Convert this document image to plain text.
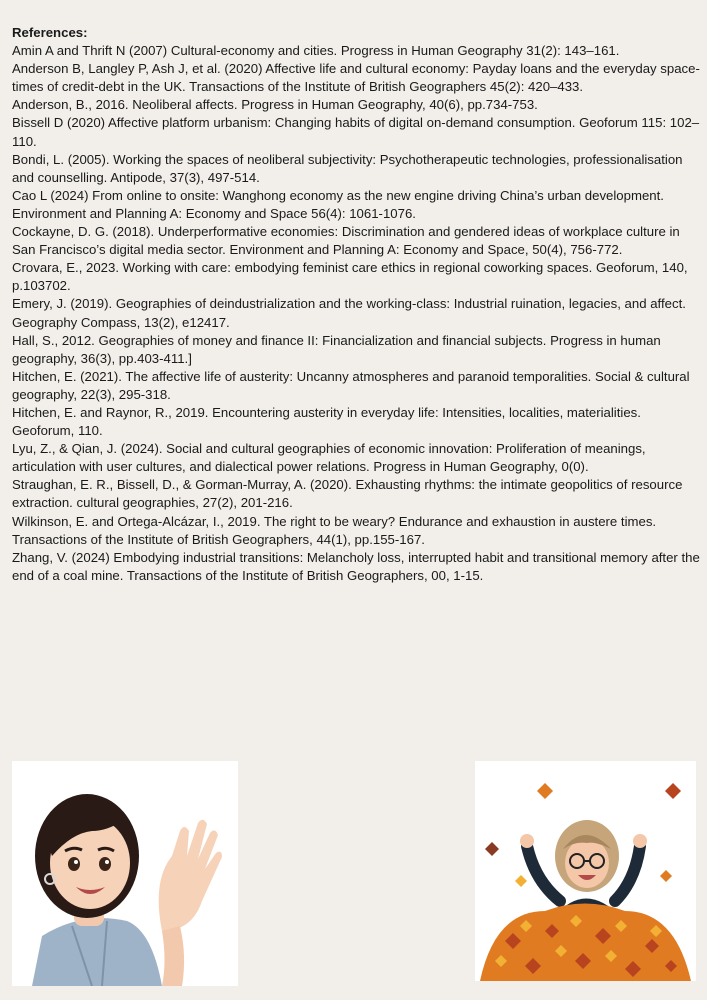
References:

Amin A and Thrift N (2007) Cultural-economy and cities. Progress in Human Geography 31(2): 143–161.

Anderson B, Langley P, Ash J, et al. (2020) Affective life and cultural economy: Payday loans and the everyday space-times of credit-debt in the UK. Transactions of the Institute of British Geographers 45(2): 420–433.

Anderson, B., 2016. Neoliberal affects. Progress in Human Geography, 40(6), pp.734-753.

Bissell D (2020) Affective platform urbanism: Changing habits of digital on-demand consumption. Geoforum 115: 102–110.

Bondi, L. (2005). Working the spaces of neoliberal subjectivity: Psychotherapeutic technologies, professionalisation and counselling. Antipode, 37(3), 497-514.

Cao L (2024) From online to onsite: Wanghong economy as the new engine driving China’s urban development. Environment and Planning A: Economy and Space 56(4): 1061-1076.

Cockayne, D. G. (2018). Underperformative economies: Discrimination and gendered ideas of workplace culture in San Francisco’s digital media sector. Environment and Planning A: Economy and Space, 50(4), 756-772.

Crovara, E., 2023. Working with care: embodying feminist care ethics in regional coworking spaces. Geoforum, 140, p.103702.

Emery, J. (2019). Geographies of deindustrialization and the working-class: Industrial ruination, legacies, and affect. Geography Compass, 13(2), e12417.

Hall, S., 2012. Geographies of money and finance II: Financialization and financial subjects. Progress in human geography, 36(3), pp.403-411.]

Hitchen, E. (2021). The affective life of austerity: Uncanny atmospheres and paranoid temporalities. Social & cultural geography, 22(3), 295-318.

Hitchen, E. and Raynor, R., 2019. Encountering austerity in everyday life: Intensities, localities, materialities. Geoforum, 110.

Lyu, Z., & Qian, J. (2024). Social and cultural geographies of economic innovation: Proliferation of meanings, articulation with user cultures, and dialectical power relations. Progress in Human Geography, 0(0).

Straughan, E. R., Bissell, D., & Gorman-Murray, A. (2020). Exhausting rhythms: the intimate geopolitics of resource extraction. cultural geographies, 27(2), 201-216.

Wilkinson, E. and Ortega-Alcázar, I., 2019. The right to be weary? Endurance and exhaustion in austere times. Transactions of the Institute of British Geographers, 44(1), pp.155-167.

Zhang, V. (2024) Embodying industrial transitions: Melancholy loss, interrupted habit and transitional memory after the end of a coal mine. Transactions of the Institute of British Geographers, 00, 1-15.
